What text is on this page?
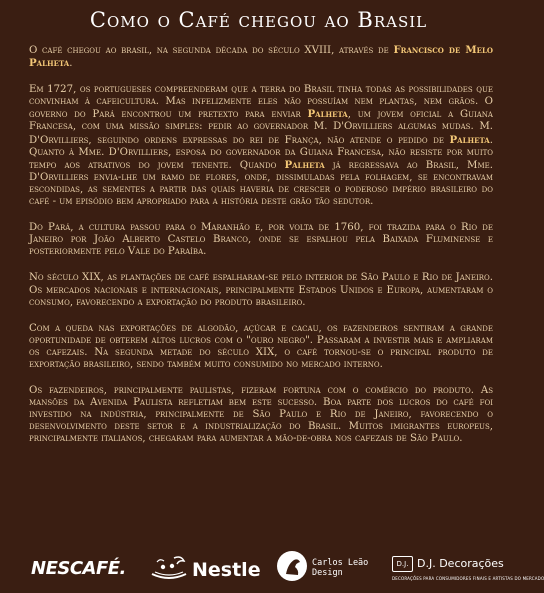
Como o Café chegou ao Brasil

O café chegou ao brasil, na segunda década do século XVIII, através de Francisco de Melo Palheta.

Em 1727, os portugueses compreenderam que a terra do Brasil tinha todas as possibilidades que convinham à cafeicultura. Mas infelizmente eles não possuíam nem plantas, nem grãos. O governo do Pará encontrou um pretexto para enviar Palheta, um jovem oficial a Guiana Francesa, com uma missão simples: pedir ao governador M. D'Orvilliers algumas mudas. M. D'Orvilliers, seguindo ordens expressas do rei de França, não atende o pedido de Palheta. Quanto à Mme. D'Orvilliers, esposa do governador da Guiana Francesa, não resiste por muito tempo aos atrativos do jovem tenente. Quando Palheta já regressava ao Brasil, Mme. D'Orvilliers envia-lhe um ramo de flores, onde, dissimuladas pela folhagem, se encontravam escondidas, as sementes a partir das quais haveria de crescer o poderoso império brasileiro do café - um episódio bem apropriado para a história deste grão tão sedutor.

Do Pará, a cultura passou para o Maranhão e, por volta de 1760, foi trazida para o Rio de Janeiro por João Alberto Castelo Branco, onde se espalhou pela Baixada Fluminense e posteriormente pelo Vale do Paraíba.

No século XIX, as plantações de café espalharam-se pelo interior de São Paulo e Rio de Janeiro. Os mercados nacionais e internacionais, principalmente Estados Unidos e Europa, aumentaram o consumo, favorecendo a exportação do produto brasileiro.

Com a queda nas exportações de algodão, açúcar e cacau, os fazendeiros sentiram a grande oportunidade de obterem altos lucros com o "ouro negro". Passaram a investir mais e ampliaram os cafezais. Na segunda metade do século XIX, o café tornou-se o principal produto de exportação brasileiro, sendo também muito consumido no mercado interno.

Os fazendeiros, principalmente paulistas, fizeram fortuna com o comércio do produto. As mansões da Avenida Paulista refletiam bem este sucesso. Boa parte dos lucros do café foi investido na indústria, principalmente de São Paulo e Rio de Janeiro, favorecendo o desenvolvimento deste setor e a industrialização do Brasil. Muitos imigrantes europeus, principalmente italianos, chegaram para aumentar a mão-de-obra nos cafezais de São Paulo.

NESCAFÉ.	Nestle	Carlos Leão
Design
D.J. D.J. Decorações
DECORAÇÕES PARA CONSUMIDORES FINAIS E ARTISTAS DO MERCADO
